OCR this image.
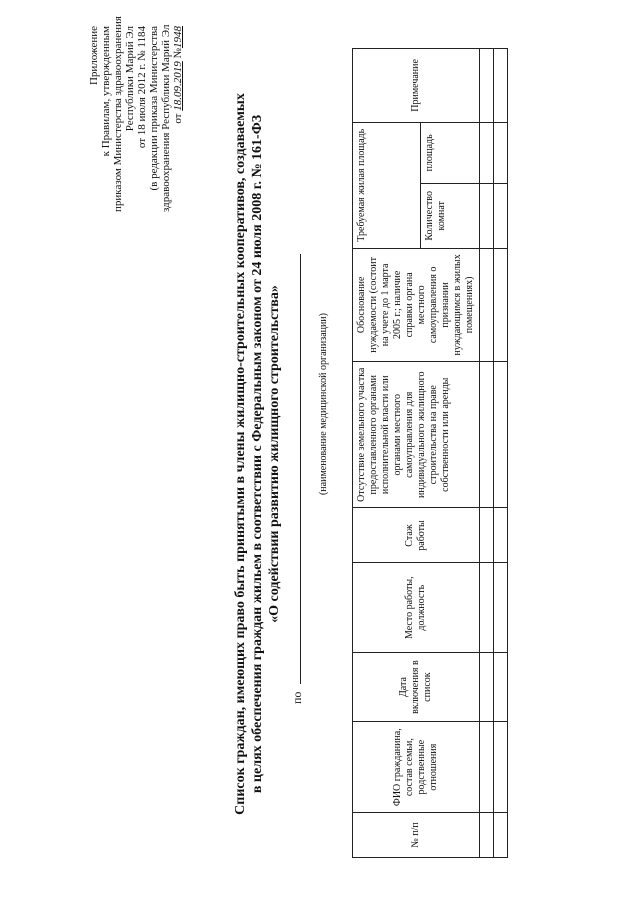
Приложение к Правилам, утвержденным приказом Министерства здравоохранения Республики Марий Эл от 18 июля 2012 г. № 1184 (в редакции приказа Министерства здравоохранения Республики Марий Эл от 18.09.2019 №1948
Список граждан, имеющих право быть принятыми в члены жилищно-строительных кооперативов, создаваемых в целях обеспечения граждан жильем в соответствии с Федеральным законом от 24 июля 2008 г. № 161-ФЗ «О содействии развитию жилищного строительства»
по
(наименование медицинской организации)
№ п/п	ФИО гражданина, состав семьи, родственные отношения	Дата включения в список	Место работы, должность	Стаж работы	Отсутствие земельного участка предоставленного органами исполнительной власти или органами местного самоуправления для индивидуального жилищного строительства на праве собственности или аренды	Обоснование нуждаемости (состоит на учете до 1 марта 2005 г.; наличие справки органа местного самоуправления о признании нуждающимся в жилых помещениях)	Требуемая жилая площадь		Примечание
							Количество комнат	площадь	
